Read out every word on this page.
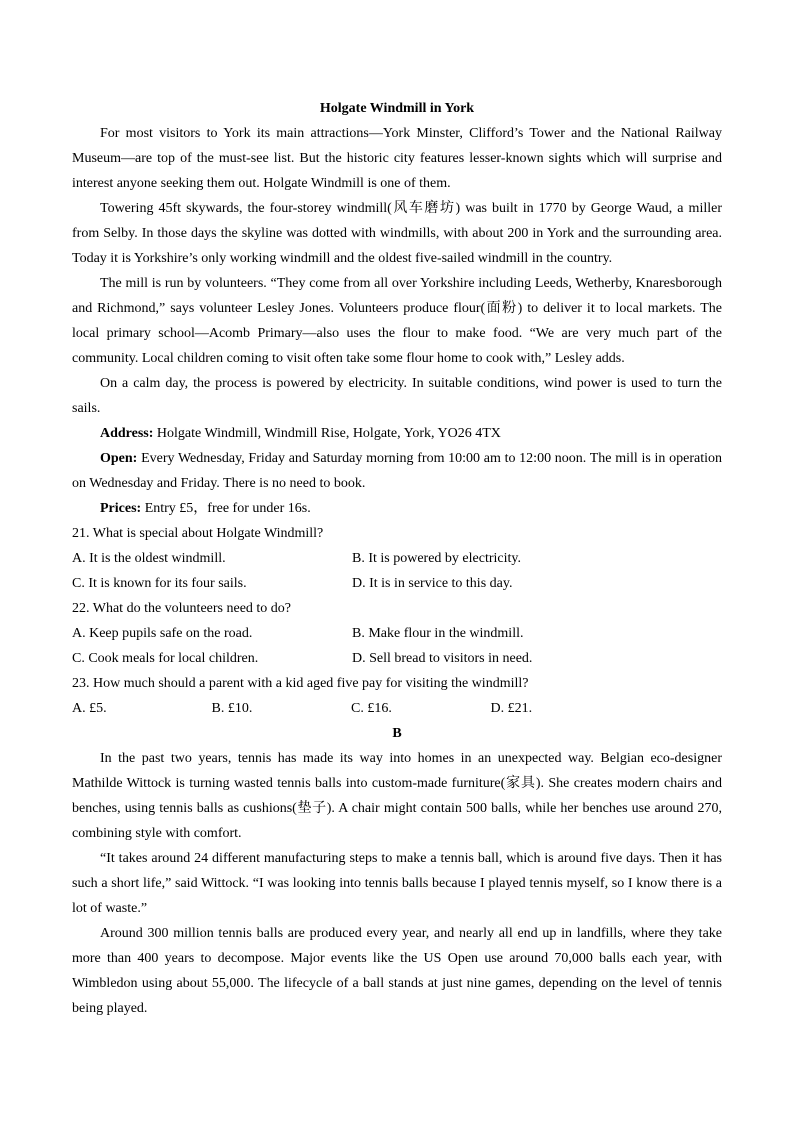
Holgate Windmill in York

For most visitors to York its main attractions—York Minster, Clifford’s Tower and the National Railway Museum—are top of the must-see list. But the historic city features lesser-known sights which will surprise and interest anyone seeking them out. Holgate Windmill is one of them.

Towering 45ft skywards, the four-storey windmill(风车磨坊) was built in 1770 by George Waud, a miller from Selby. In those days the skyline was dotted with windmills, with about 200 in York and the surrounding area. Today it is Yorkshire’s only working windmill and the oldest five-sailed windmill in the country.

The mill is run by volunteers. “They come from all over Yorkshire including Leeds, Wetherby, Knaresborough and Richmond,” says volunteer Lesley Jones. Volunteers produce flour(面粉) to deliver it to local markets. The local primary school—Acomb Primary—also uses the flour to make food. “We are very much part of the community. Local children coming to visit often take some flour home to cook with,” Lesley adds.

On a calm day, the process is powered by electricity. In suitable conditions, wind power is used to turn the sails.

Address: Holgate Windmill, Windmill Rise, Holgate, York, YO26 4TX

Open: Every Wednesday, Friday and Saturday morning from 10:00 am to 12:00 noon. The mill is in operation on Wednesday and Friday. There is no need to book.

Prices: Entry £5，free for under 16s.

21. What is special about Holgate Windmill?
A. It is the oldest windmill.	B. It is powered by electricity.
C. It is known for its four sails.	D. It is in service to this day.
22. What do the volunteers need to do?
A. Keep pupils safe on the road.	B. Make flour in the windmill.
C. Cook meals for local children.	D. Sell bread to visitors in need.
23. How much should a parent with a kid aged five pay for visiting the windmill?
A. £5.	B. £10.	C. £16.	D. £21.
B

In the past two years, tennis has made its way into homes in an unexpected way. Belgian eco-designer Mathilde Wittock is turning wasted tennis balls into custom-made furniture(家具). She creates modern chairs and benches, using tennis balls as cushions(垫子). A chair might contain 500 balls, while her benches use around 270, combining style with comfort.

“It takes around 24 different manufacturing steps to make a tennis ball, which is around five days. Then it has such a short life,” said Wittock. “I was looking into tennis balls because I played tennis myself, so I know there is a lot of waste.”

Around 300 million tennis balls are produced every year, and nearly all end up in landfills, where they take more than 400 years to decompose. Major events like the US Open use around 70,000 balls each year, with Wimbledon using about 55,000. The lifecycle of a ball stands at just nine games, depending on the level of tennis being played.
